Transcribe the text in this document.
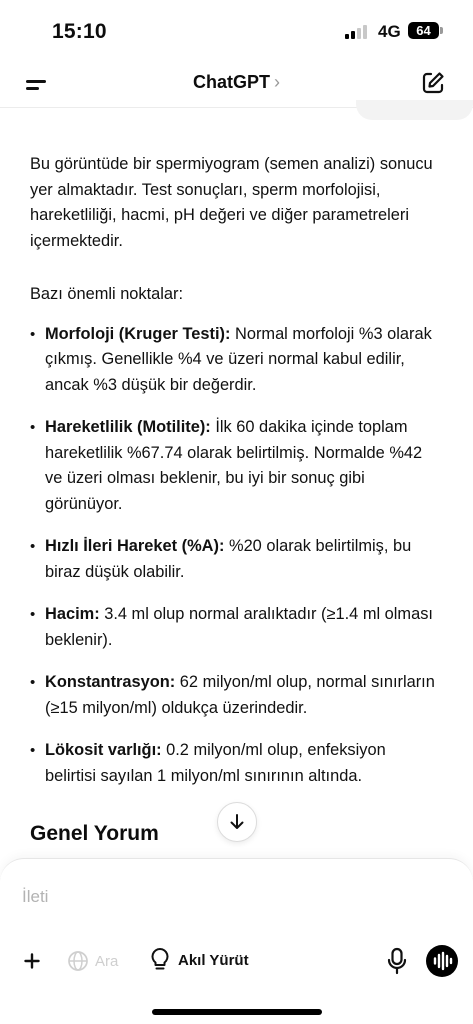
15:10	4G	64
ChatGPT ›

Bu görüntüde bir spermiyogram (semen analizi) sonucu yer almaktadır. Test sonuçları, sperm morfolojisi, hareketliliği, hacmi, pH değeri ve diğer parametreleri içermektedir.

Bazı önemli noktalar:

• Morfoloji (Kruger Testi): Normal morfoloji %3 olarak çıkmış. Genellikle %4 ve üzeri normal kabul edilir, ancak %3 düşük bir değerdir.
• Hareketlilik (Motilite): İlk 60 dakika içinde toplam hareketlilik %67.74 olarak belirtilmiş. Normalde %42 ve üzeri olması beklenir, bu iyi bir sonuç gibi görünüyor.
• Hızlı İleri Hareket (%A): %20 olarak belirtilmiş, bu biraz düşük olabilir.
• Hacim: 3.4 ml olup normal aralıktadır (≥1.4 ml olması beklenir).
• Konstantrasyon: 62 milyon/ml olup, normal sınırların (≥15 milyon/ml) oldukça üzerindedir.
• Lökosit varlığı: 0.2 milyon/ml olup, enfeksiyon belirtisi sayılan 1 milyon/ml sınırının altında.
Genel Yorum
İleti
Ara	Akıl Yürüt
